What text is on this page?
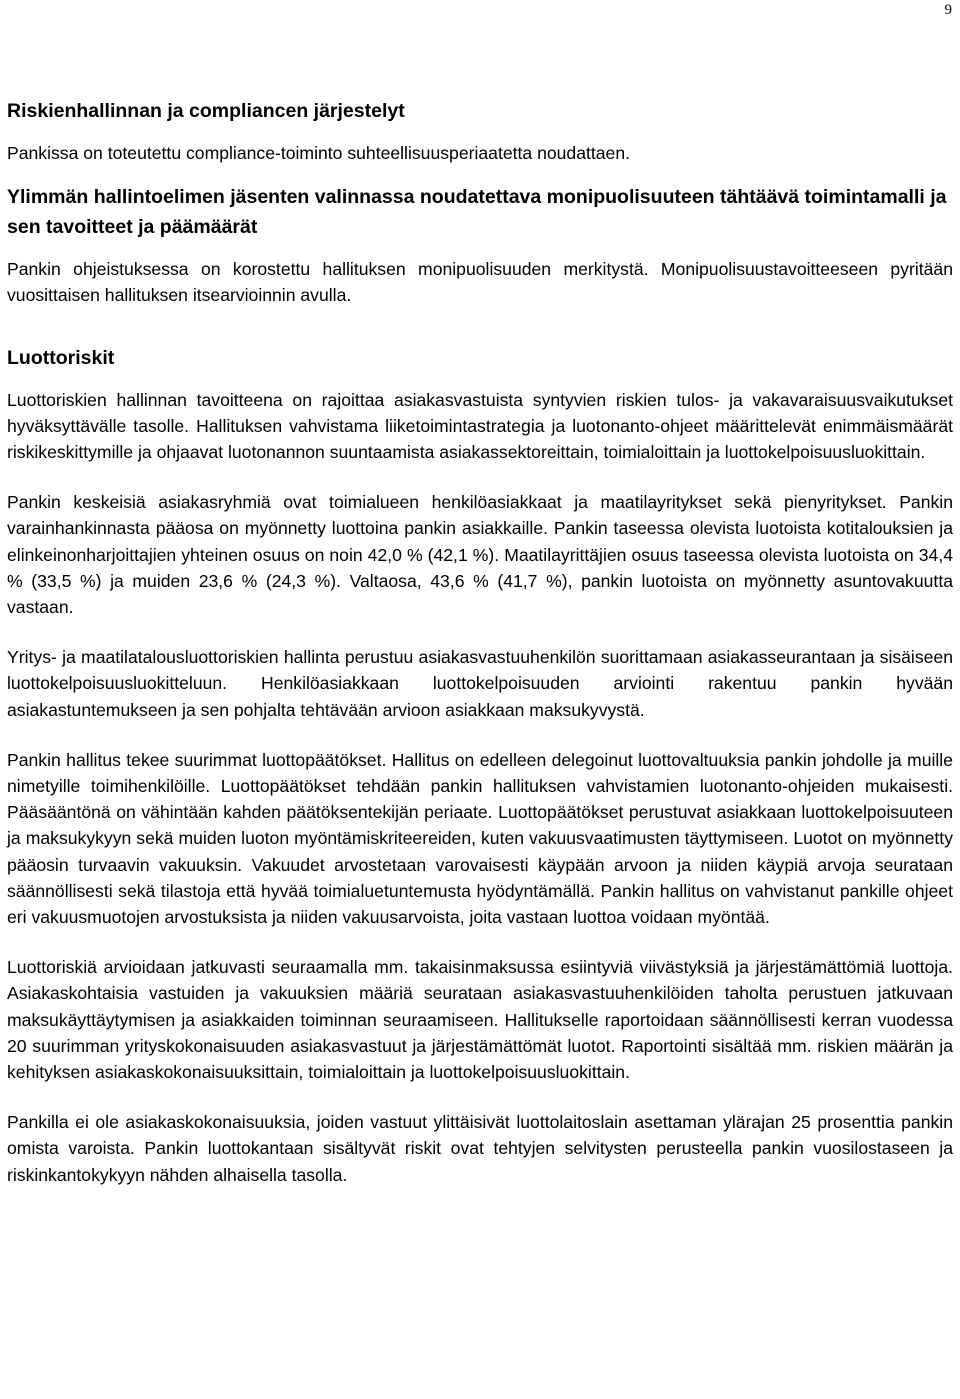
9
Riskienhallinnan ja compliancen järjestelyt

Pankissa on toteutettu compliance-toiminto suhteellisuusperiaatetta noudattaen.

Ylimmän hallintoelimen jäsenten valinnassa noudatettava monipuolisuuteen tähtäävä toimintamalli ja sen tavoitteet ja päämäärät

Pankin ohjeistuksessa on korostettu hallituksen monipuolisuuden merkitystä. Monipuolisuustavoitteeseen pyritään vuosittaisen hallituksen itsearvioinnin avulla.

Luottoriskit

Luottoriskien hallinnan tavoitteena on rajoittaa asiakasvastuista syntyvien riskien tulos- ja vakavaraisuusvaikutukset hyväksyttävälle tasolle. Hallituksen vahvistama liiketoimintastrategia ja luotonanto-ohjeet määrittelevät enimmäismäärät riskikeskittymille ja ohjaavat luotonannon suuntaamista asiakassektoreittain, toimialoittain ja luottokelpoisuusluokittain.

Pankin keskeisiä asiakasryhmiä ovat toimialueen henkilöasiakkaat ja maatilayritykset sekä pienyritykset. Pankin varainhankinnasta pääosa on myönnetty luottoina pankin asiakkaille. Pankin taseessa olevista luotoista kotitalouksien ja elinkeinonharjoittajien yhteinen osuus on noin 42,0 % (42,1 %). Maatilayrittäjien osuus taseessa olevista luotoista on 34,4 % (33,5 %) ja muiden 23,6 % (24,3 %). Valtaosa, 43,6 % (41,7 %), pankin luotoista on myönnetty asuntovakuutta vastaan.

Yritys- ja maatilatalousluottoriskien hallinta perustuu asiakasvastuuhenkilön suorittamaan asiakasseurantaan ja sisäiseen luottokelpoisuusluokitteluun. Henkilöasiakkaan luottokelpoisuuden arviointi rakentuu pankin hyvään asiakastuntemukseen ja sen pohjalta tehtävään arvioon asiakkaan maksukyvystä.

Pankin hallitus tekee suurimmat luottopäätökset. Hallitus on edelleen delegoinut luottovaltuuksia pankin johdolle ja muille nimetyille toimihenkilöille. Luottopäätökset tehdään pankin hallituksen vahvistamien luotonanto-ohjeiden mukaisesti. Pääsääntönä on vähintään kahden päätöksentekijän periaate. Luottopäätökset perustuvat asiakkaan luottokelpoisuuteen ja maksukykyyn sekä muiden luoton myöntämiskriteereiden, kuten vakuusvaatimusten täyttymiseen. Luotot on myönnetty pääosin turvaavin vakuuksin. Vakuudet arvostetaan varovaisesti käypään arvoon ja niiden käypiä arvoja seurataan säännöllisesti sekä tilastoja että hyvää toimialuetuntemusta hyödyntämällä. Pankin hallitus on vahvistanut pankille ohjeet eri vakuusmuotojen arvostuksista ja niiden vakuusarvoista, joita vastaan luottoa voidaan myöntää.

Luottoriskiä arvioidaan jatkuvasti seuraamalla mm. takaisinmaksussa esiintyviä viivästyksiä ja järjestämättömiä luottoja. Asiakaskohtaisia vastuiden ja vakuuksien määriä seurataan asiakasvastuuhenkilöiden taholta perustuen jatkuvaan maksukäyttäytymisen ja asiakkaiden toiminnan seuraamiseen. Hallitukselle raportoidaan säännöllisesti kerran vuodessa 20 suurimman yrityskokonaisuuden asiakasvastuut ja järjestämättömät luotot. Raportointi sisältää mm. riskien määrän ja kehityksen asiakaskokonaisuuksittain, toimialoittain ja luottokelpoisuusluokittain.

Pankilla ei ole asiakaskokonaisuuksia, joiden vastuut ylittäisivät luottolaitoslain asettaman ylärajan 25 prosenttia pankin omista varoista. Pankin luottokantaan sisältyvät riskit ovat tehtyjen selvitysten perusteella pankin vuosilostaseen ja riskinkantokykyyn nähden alhaisella tasolla.
